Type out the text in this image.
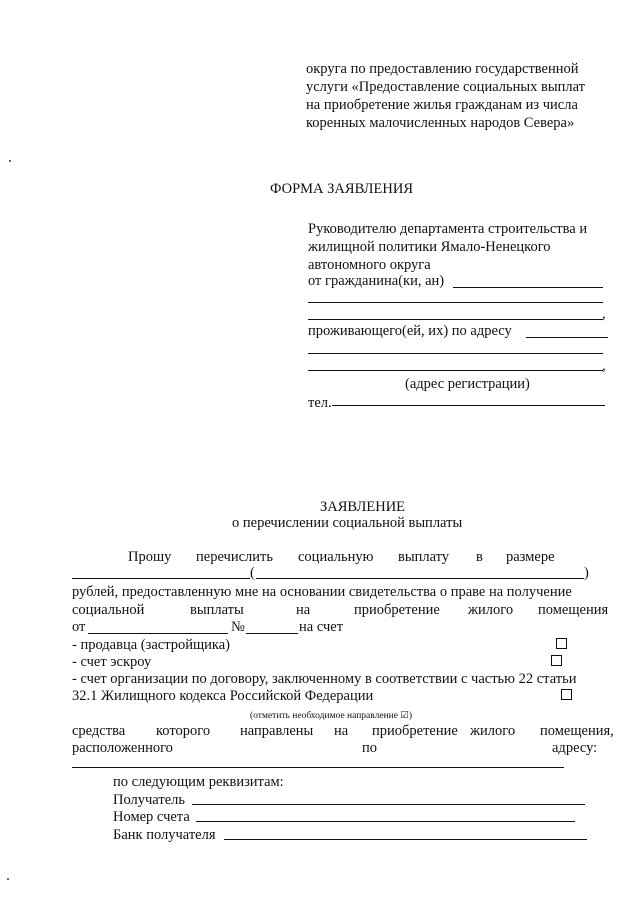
округа по предоставлению государственной
услуги «Предоставление социальных выплат
на приобретение жилья гражданам из числа
коренных малочисленных народов Севера»
ФОРМА ЗАЯВЛЕНИЯ
Руководителю департамента строительства и
жилищной политики Ямало-Ненецкого
автономного округа
от гражданина(ки, ан)
,
проживающего(ей, их) по адресу
,
(адрес регистрации)
тел.
ЗАЯВЛЕНИЕ
о перечислении социальной выплаты
Прошу перечислить социальную выплату в размере
(	)
рублей, предоставленную мне на основании свидетельства о праве на получение
социальной	выплаты	на	приобретение жилого помещения
от	№	на счет
- продавца (застройщика)
- счет эскроу
- счет организации по договору, заключенному в соответствии с частью 22 статьи
32.1 Жилищного кодекса Российской Федерации
(отметить необходимое направление ☑)
средства которого направлены на приобретение жилого помещения,
расположенного	по	адресу:
по следующим реквизитам:
Получатель
Номер счета
Банк получателя
